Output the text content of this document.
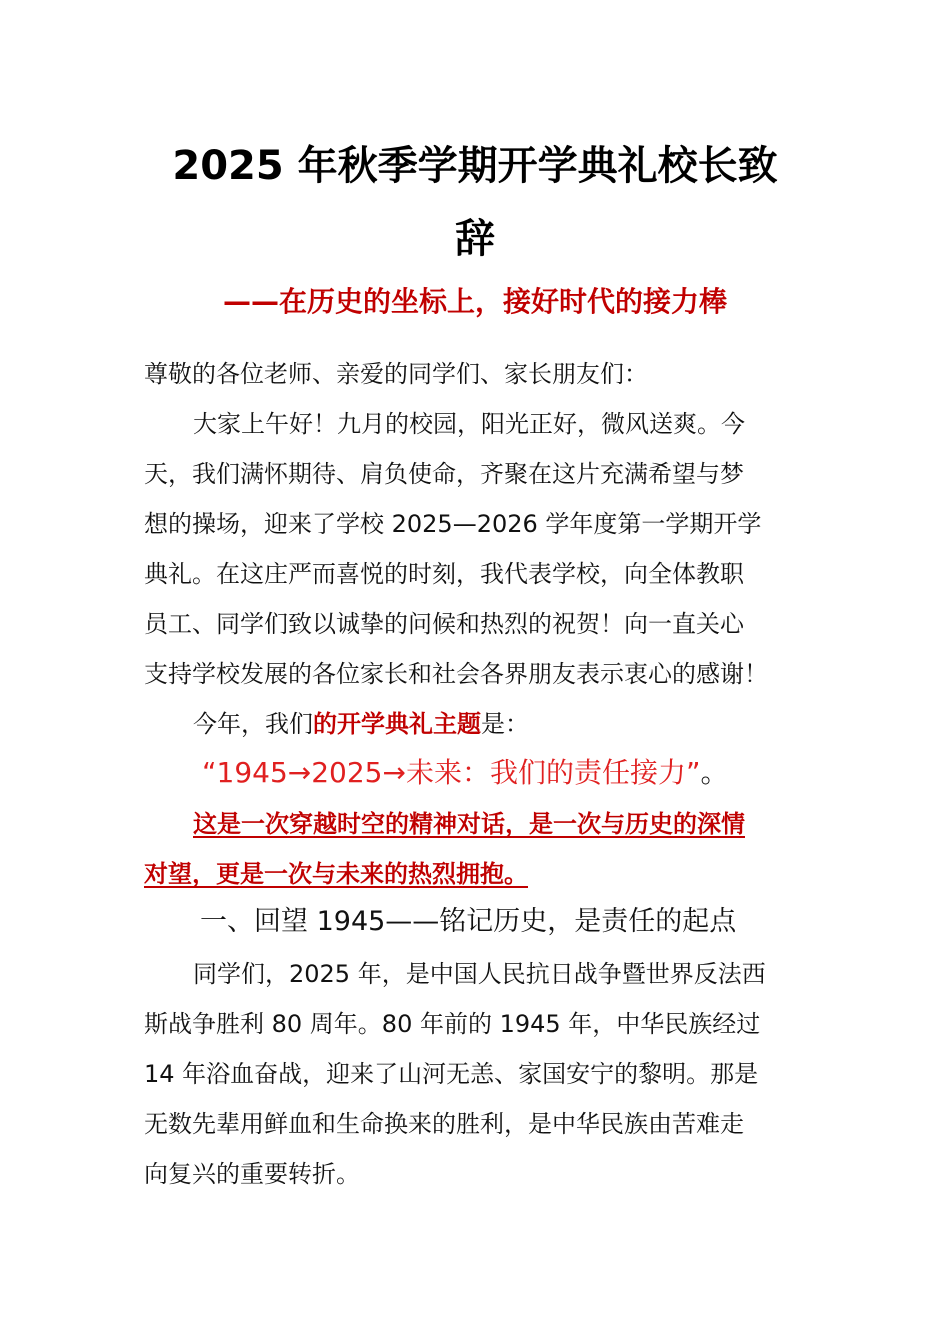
2025 年秋季学期开学典礼校长致
辞
——在历史的坐标上，接好时代的接力棒

尊敬的各位老师、亲爱的同学们、家长朋友们：

大家上午好！九月的校园，阳光正好，微风送爽。今

天，我们满怀期待、肩负使命，齐聚在这片充满希望与梦

想的操场，迎来了学校 2025—2026 学年度第一学期开学

典礼。在这庄严而喜悦的时刻，我代表学校，向全体教职

员工、同学们致以诚挚的问候和热烈的祝贺！向一直关心

支持学校发展的各位家长和社会各界朋友表示衷心的感谢！

今年，我们的开学典礼主题是：

“1945→2025→未来：我们的责任接力”。

这是一次穿越时空的精神对话，是一次与历史的深情

对望，更是一次与未来的热烈拥抱。

一、回望 1945——铭记历史，是责任的起点

同学们，2025 年，是中国人民抗日战争暨世界反法西

斯战争胜利 80 周年。80 年前的 1945 年，中华民族经过

14 年浴血奋战，迎来了山河无恙、家国安宁的黎明。那是

无数先辈用鲜血和生命换来的胜利，是中华民族由苦难走

向复兴的重要转折。
